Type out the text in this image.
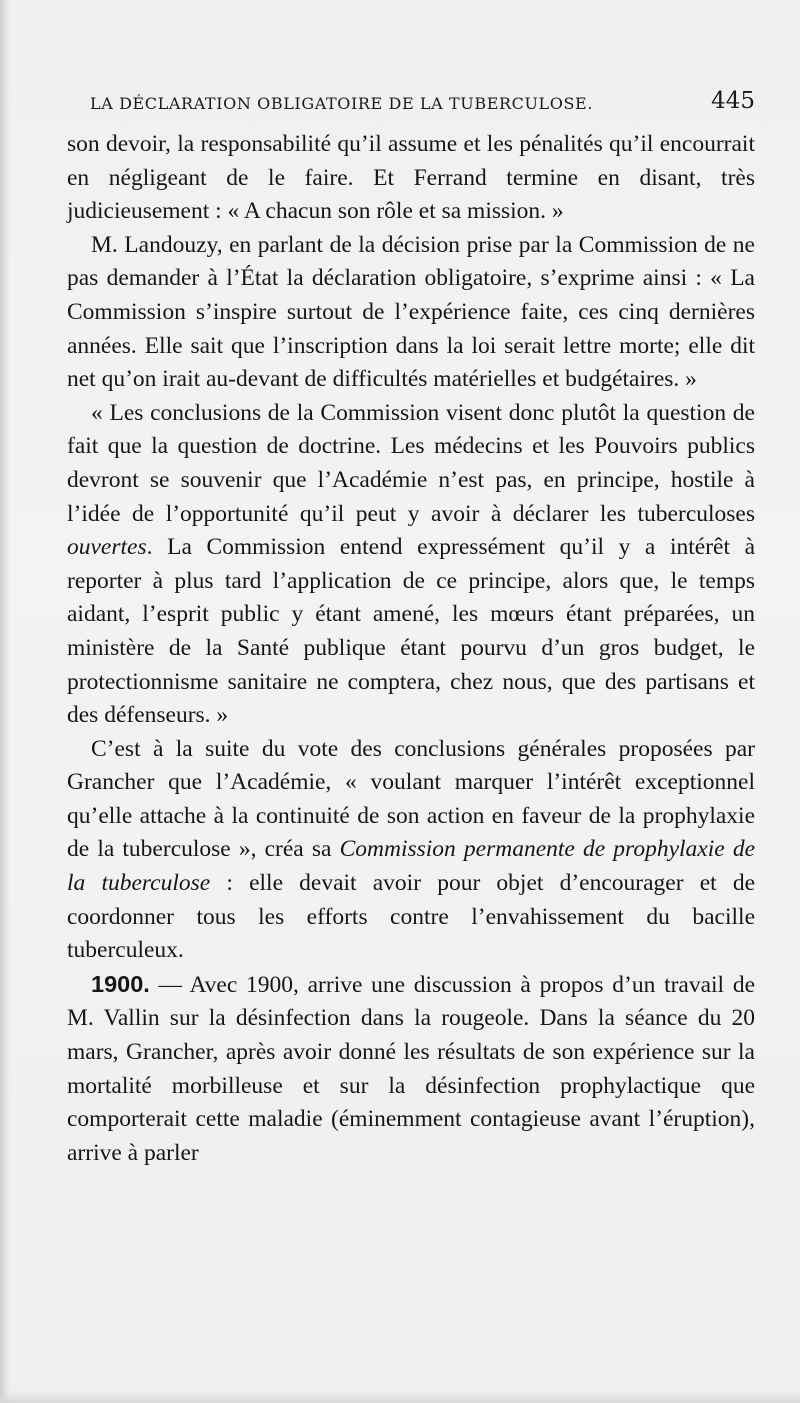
LA DÉCLARATION OBLIGATOIRE DE LA TUBERCULOSE.	445

son devoir, la responsabilité qu’il assume et les pénalités qu’il encourrait en négligeant de le faire. Et Ferrand termine en disant, très judicieusement : « A chacun son rôle et sa mission. »

M. Landouzy, en parlant de la décision prise par la Commission de ne pas demander à l’État la déclaration obligatoire, s’exprime ainsi : « La Commission s’inspire surtout de l’expérience faite, ces cinq dernières années. Elle sait que l’inscription dans la loi serait lettre morte; elle dit net qu’on irait au-devant de difficultés matérielles et budgétaires. »

« Les conclusions de la Commission visent donc plutôt la question de fait que la question de doctrine. Les médecins et les Pouvoirs publics devront se souvenir que l’Académie n’est pas, en principe, hostile à l’idée de l’opportunité qu’il peut y avoir à déclarer les tuberculoses ouvertes. La Commission entend expressément qu’il y a intérêt à reporter à plus tard l’application de ce principe, alors que, le temps aidant, l’esprit public y étant amené, les mœurs étant préparées, un ministère de la Santé publique étant pourvu d’un gros budget, le protectionnisme sanitaire ne comptera, chez nous, que des partisans et des défenseurs. »

C’est à la suite du vote des conclusions générales proposées par Grancher que l’Académie, « voulant marquer l’intérêt exceptionnel qu’elle attache à la continuité de son action en faveur de la prophylaxie de la tuberculose », créa sa Commission permanente de prophylaxie de la tuberculose : elle devait avoir pour objet d’encourager et de coordonner tous les efforts contre l’envahissement du bacille tuberculeux.

1900. — Avec 1900, arrive une discussion à propos d’un travail de M. Vallin sur la désinfection dans la rougeole. Dans la séance du 20 mars, Grancher, après avoir donné les résultats de son expérience sur la mortalité morbilleuse et sur la désinfection prophylactique que comporterait cette maladie (éminemment contagieuse avant l’éruption), arrive à parler
